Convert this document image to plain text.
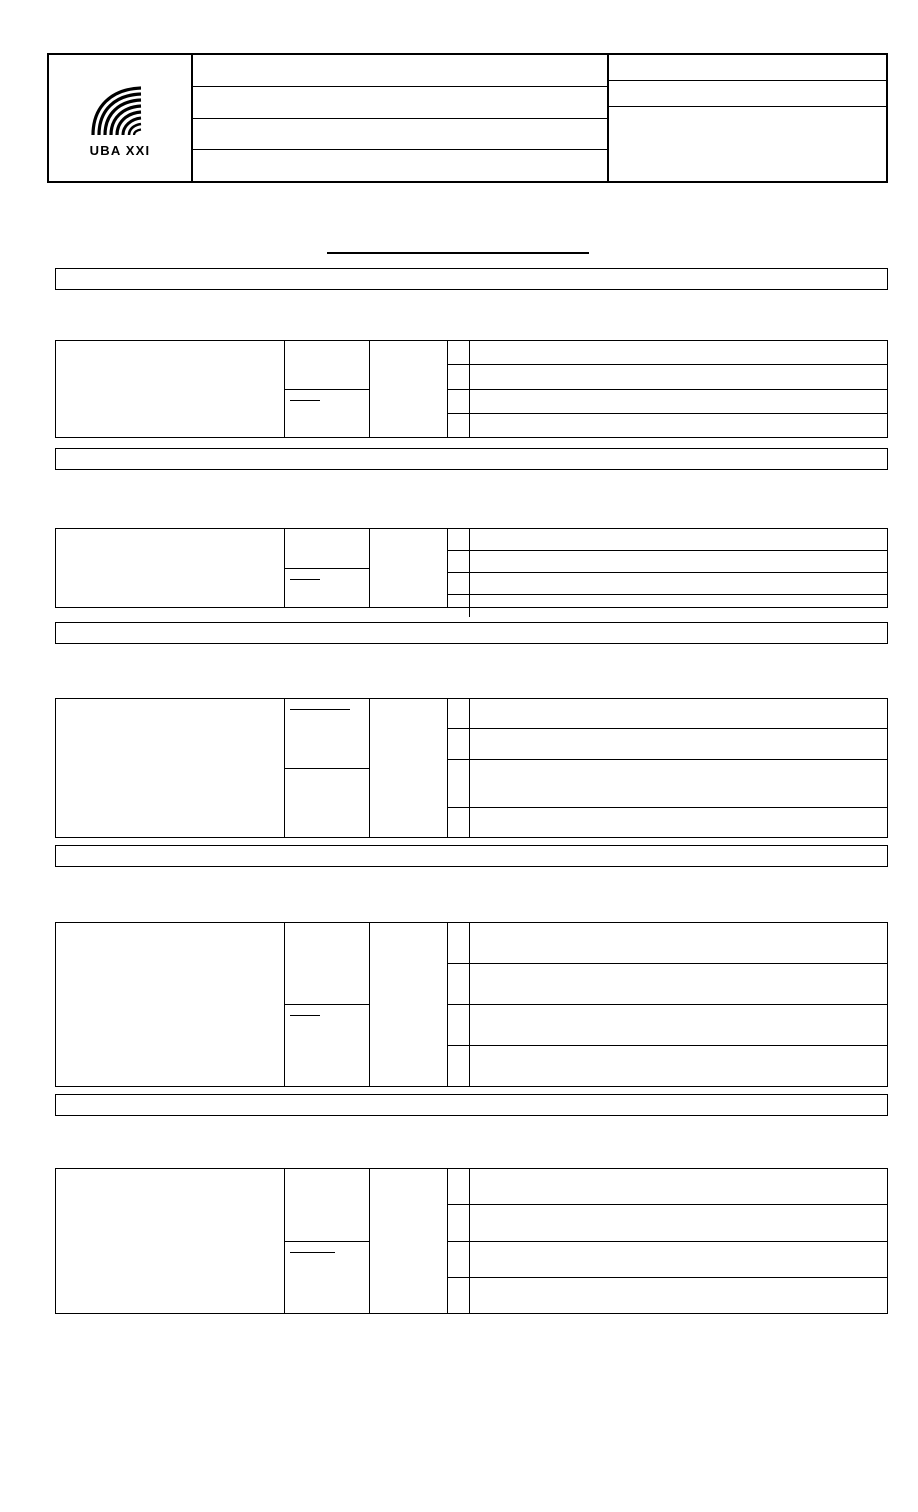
UBA XXI
